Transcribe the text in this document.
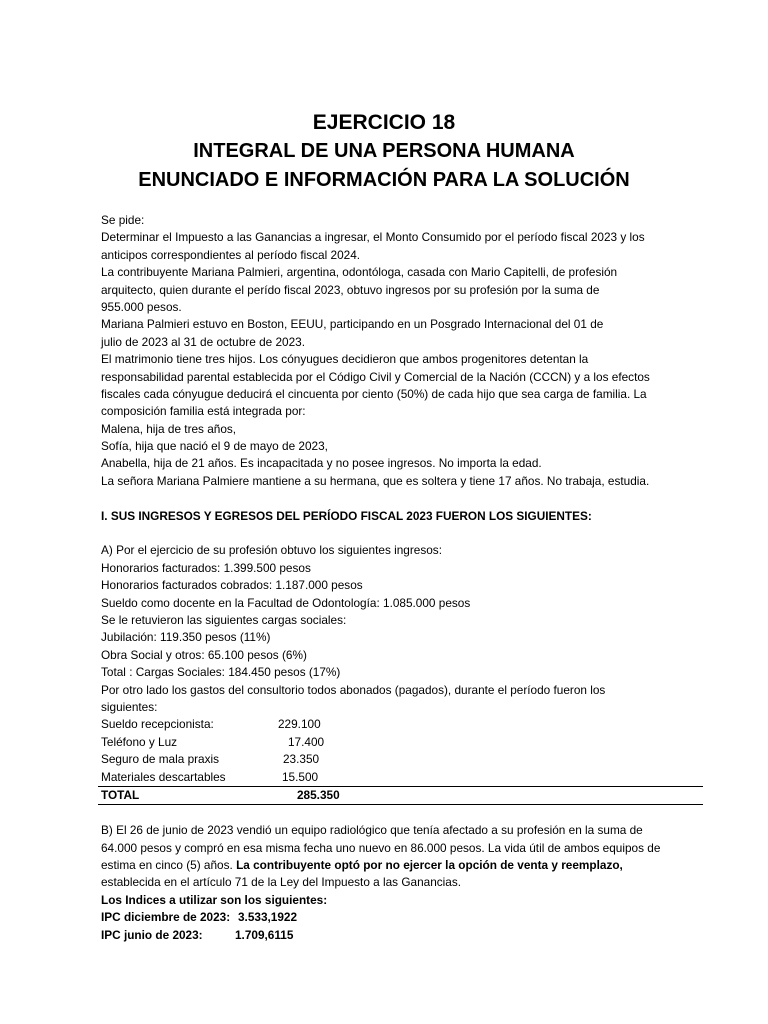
EJERCICIO 18

INTEGRAL DE UNA PERSONA HUMANA

ENUNCIADO E INFORMACIÓN PARA LA SOLUCIÓN

Se pide:

Determinar el Impuesto a las Ganancias a ingresar, el Monto Consumido por el período fiscal 2023 y los

anticipos correspondientes al período fiscal 2024.

La contribuyente Mariana Palmieri, argentina, odontóloga, casada con Mario Capitelli, de profesión

arquitecto, quien durante el perído fiscal 2023, obtuvo ingresos por su profesión por la suma de

955.000 pesos.

Mariana Palmieri estuvo en Boston, EEUU, participando en un Posgrado Internacional del 01 de

julio de 2023 al 31 de octubre de 2023.

El matrimonio tiene tres hijos. Los cónyugues decidieron que ambos progenitores detentan la

responsabilidad parental establecida por el Código Civil y Comercial de la Nación (CCCN) y a los efectos

fiscales cada cónyugue deducirá el cincuenta por ciento (50%) de cada hijo que sea carga de familia. La

composición familia está integrada por:

Malena, hija de tres años,

Sofía, hija que nació el 9 de mayo de 2023,

Anabella, hija de 21 años. Es incapacitada y no posee ingresos. No importa la edad.

La señora Mariana Palmiere mantiene a su hermana, que es soltera y tiene 17 años. No trabaja, estudia.

I. SUS INGRESOS Y EGRESOS DEL PERÍODO FISCAL 2023 FUERON LOS SIGUIENTES:

A) Por el ejercicio de su profesión obtuvo los siguientes ingresos:

Honorarios facturados: 1.399.500 pesos

Honorarios facturados cobrados: 1.187.000 pesos

Sueldo como docente en la Facultad de Odontología: 1.085.000 pesos

Se le retuvieron las siguientes cargas sociales:

Jubilación: 119.350 pesos (11%)

Obra Social y otros: 65.100 pesos (6%)

Total : Cargas Sociales: 184.450 pesos (17%)

Por otro lado los gastos del consultorio todos abonados (pagados), durante el período fueron los

siguientes:

Sueldo recepcionista:	229.100
Teléfono y Luz	17.400
Seguro de mala praxis	23.350
Materiales descartables	15.500
TOTAL	285.350

B) El 26 de junio de 2023 vendió un equipo radiológico que tenía afectado a su profesión en la suma de

64.000 pesos y compró en esa misma fecha uno nuevo en 86.000 pesos. La vida útil de ambos equipos de

estima en cinco (5) años. La contribuyente optó por no ejercer la opción de venta y reemplazo,

establecida en el artículo 71 de la Ley del Impuesto a las Ganancias.

Los Indices a utilizar son los siguientes:

IPC diciembre de 2023: 3.533,1922
IPC junio de 2023:	1.709,6115
